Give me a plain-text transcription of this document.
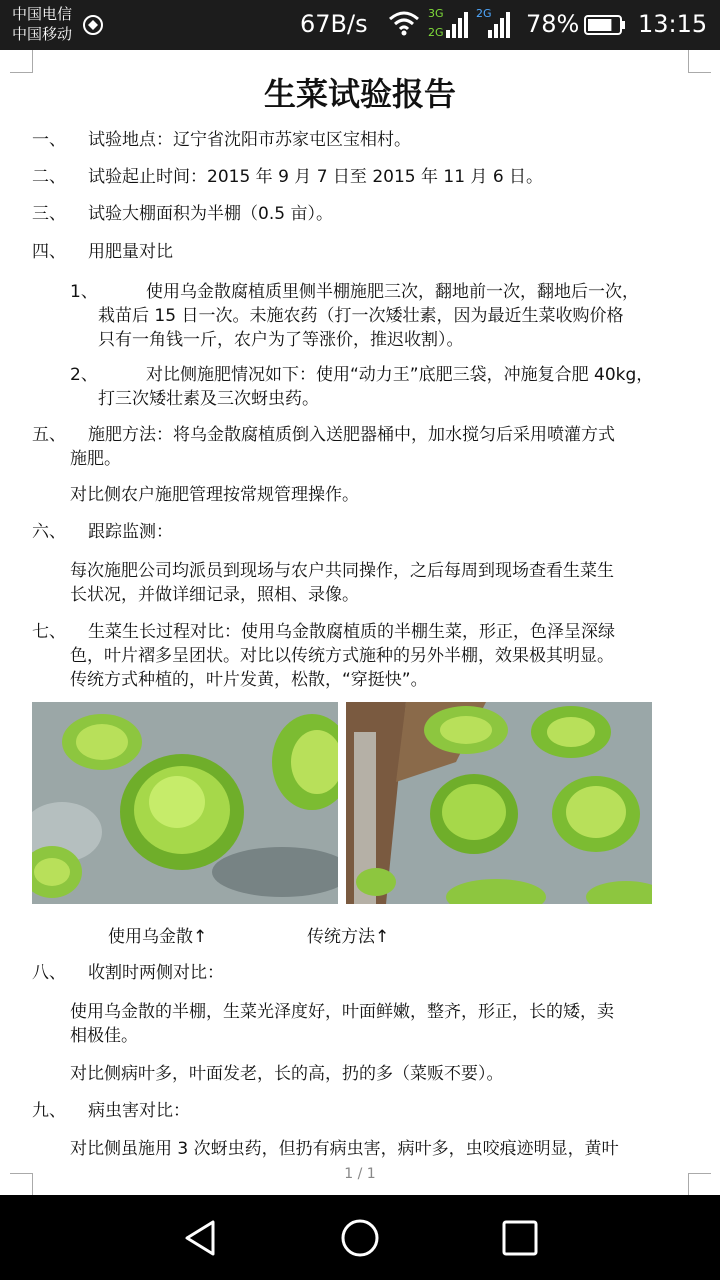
中国电信
中国移动	67B/s	3G
2G
2G 78% 13:15
生菜试验报告
一、 试验地点：辽宁省沈阳市苏家屯区宝相村。
二、 试验起止时间：2015 年 9 月 7 日至 2015 年 11 月 6 日。
三、 试验大棚面积为半棚（0.5 亩）。
四、 用肥量对比
1、	使用乌金散腐植质里侧半棚施肥三次，翻地前一次，翻地后一次，
栽苗后 15 日一次。未施农药（打一次矮壮素，因为最近生菜收购价格
只有一角钱一斤，农户为了等涨价，推迟收割）。
2、	对比侧施肥情况如下：使用“动力王”底肥三袋，冲施复合肥 40kg，
打三次矮壮素及三次蚜虫药。
五、 施肥方法：将乌金散腐植质倒入送肥器桶中，加水搅匀后采用喷灌方式
施肥。
对比侧农户施肥管理按常规管理操作。
六、 跟踪监测：
每次施肥公司均派员到现场与农户共同操作，之后每周到现场查看生菜生
长状况，并做详细记录，照相、录像。
七、 生菜生长过程对比：使用乌金散腐植质的半棚生菜，形正，色泽呈深绿
色，叶片褶多呈团状。对比以传统方式施种的另外半棚，效果极其明显。
传统方式种植的，叶片发黄，松散，“穿挺快”。
使用乌金散↑	传统方法↑
八、 收割时两侧对比：
使用乌金散的半棚，生菜光泽度好，叶面鲜嫩，整齐，形正，长的矮，卖
相极佳。
对比侧病叶多，叶面发老，长的高，扔的多（菜贩不要）。
九、 病虫害对比：
对比侧虽施用 3 次蚜虫药，但扔有病虫害，病叶多，虫咬痕迹明显，黄叶
1 / 1
